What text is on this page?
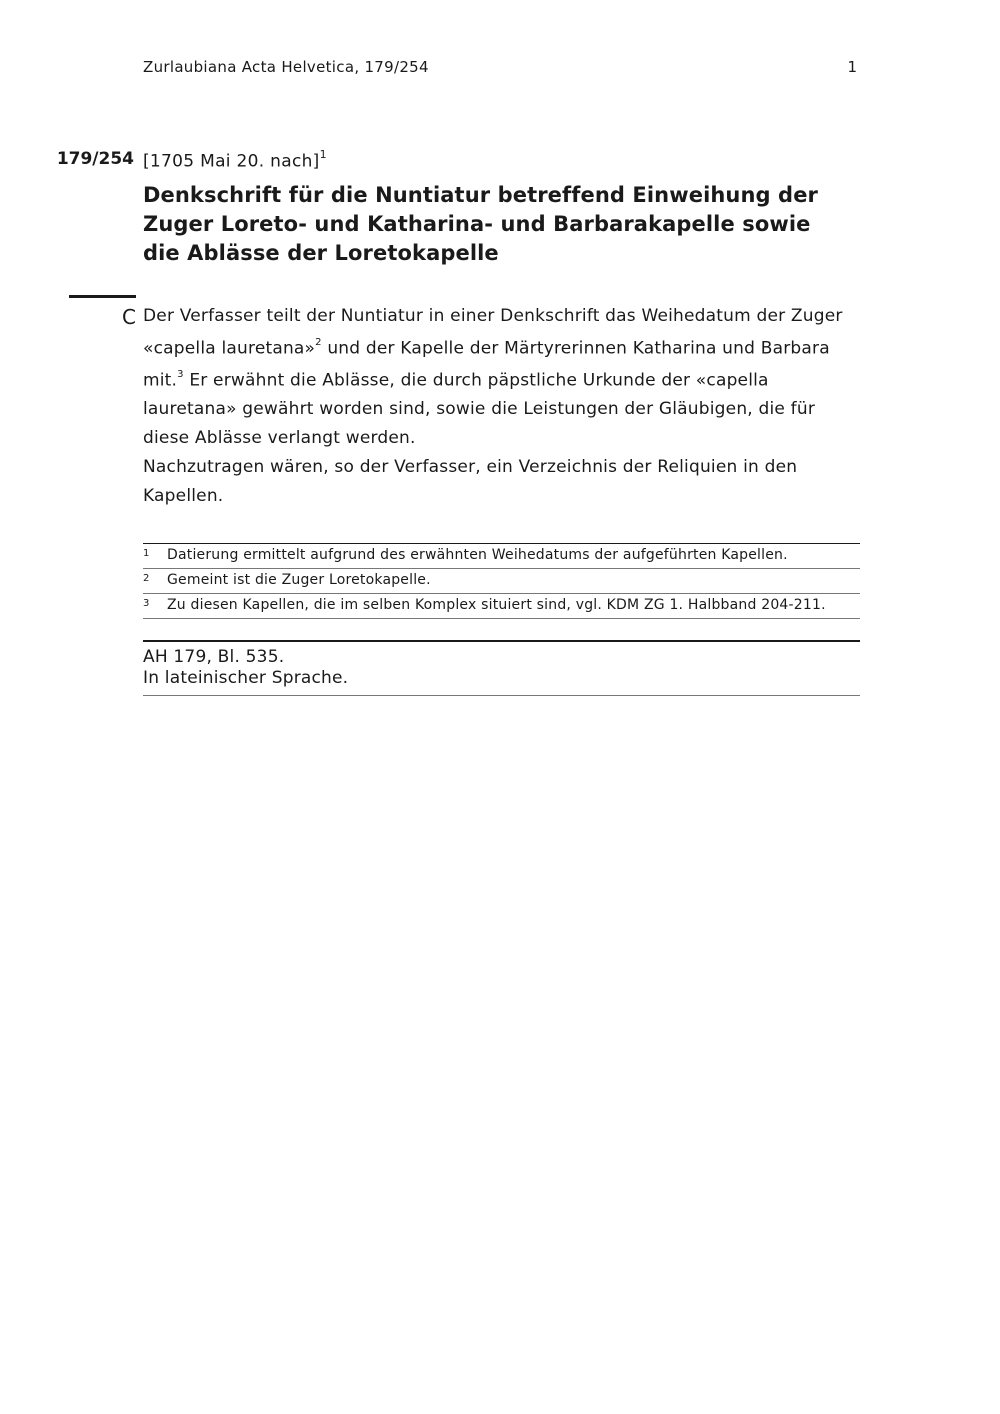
Zurlaubiana Acta Helvetica, 179/254	1
179/254 [1705 Mai 20. nach]$^1$
Denkschrift für die Nuntiatur betreffend Einweihung der Zuger Loreto- und Katharina- und Barbarakapelle sowie die Ablässe der Loretokapelle
C Der Verfasser teilt der Nuntiatur in einer Denkschrift das Weihedatum der Zuger «capella lauretana»$^2$ und der Kapelle der Märtyrerinnen Katharina und Barbara mit.$^3$ Er erwähnt die Ablässe, die durch päpstliche Urkunde der «capella lauretana» gewährt worden sind, sowie die Leistungen der Gläubigen, die für diese Ablässe verlangt werden.

Nachzutragen wären, so der Verfasser, ein Verzeichnis der Reliquien in den Kapellen.

1 Datierung ermittelt aufgrund des erwähnten Weihedatums der aufgeführten Kapellen.
2 Gemeint ist die Zuger Loretokapelle.
3 Zu diesen Kapellen, die im selben Komplex situiert sind, vgl. KDM ZG 1. Halbband 204-211.
AH 179, Bl. 535.
In lateinischer Sprache.
